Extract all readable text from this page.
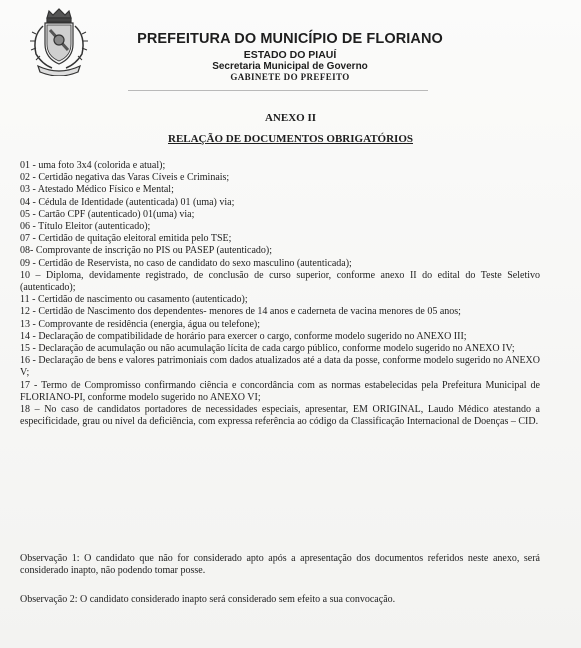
PREFEITURA DO MUNICÍPIO DE FLORIANO
ESTADO DO PIAUÍ
Secretaria Municipal de Governo
GABINETE DO PREFEITO
ANEXO II
RELAÇÃO DE DOCUMENTOS OBRIGATÓRIOS

01 - uma foto 3x4 (colorida e atual);

02 - Certidão negativa das Varas Cíveis e Criminais;

03 - Atestado Médico Físico e Mental;

04 - Cédula de Identidade (autenticada) 01 (uma) via;

05 - Cartão CPF (autenticado) 01(uma) via;

06 - Título Eleitor (autenticado);

07 - Certidão de quitação eleitoral emitida pelo TSE;

08- Comprovante de inscrição no PIS ou PASEP (autenticado);

09 - Certidão de Reservista, no caso de candidato do sexo masculino (autenticada);

10 – Diploma, devidamente registrado, de conclusão de curso superior, conforme anexo II do edital do Teste Seletivo (autenticado);

11 - Certidão de nascimento ou casamento (autenticado);

12 - Certidão de Nascimento dos dependentes- menores de 14 anos e caderneta de vacina menores de 05 anos;

13 - Comprovante de residência (energia, água ou telefone);

14 - Declaração de compatibilidade de horário para exercer o cargo, conforme modelo sugerido no ANEXO III;

15 - Declaração de acumulação ou não acumulação lícita de cada cargo público, conforme modelo sugerido no ANEXO IV;

16 - Declaração de bens e valores patrimoniais com dados atualizados até a data da posse, conforme modelo sugerido no ANEXO V;

17 - Termo de Compromisso confirmando ciência e concordância com as normas estabelecidas pela Prefeitura Municipal de FLORIANO-PI, conforme modelo sugerido no ANEXO VI;

18 – No caso de candidatos portadores de necessidades especiais, apresentar, EM ORIGINAL, Laudo Médico atestando a especificidade, grau ou nível da deficiência, com expressa referência ao código da Classificação Internacional de Doenças – CID.

Observação 1: O candidato que não for considerado apto após a apresentação dos documentos referidos neste anexo, será considerado inapto, não podendo tomar posse.
Observação 2: O candidato considerado inapto será considerado sem efeito a sua convocação.
